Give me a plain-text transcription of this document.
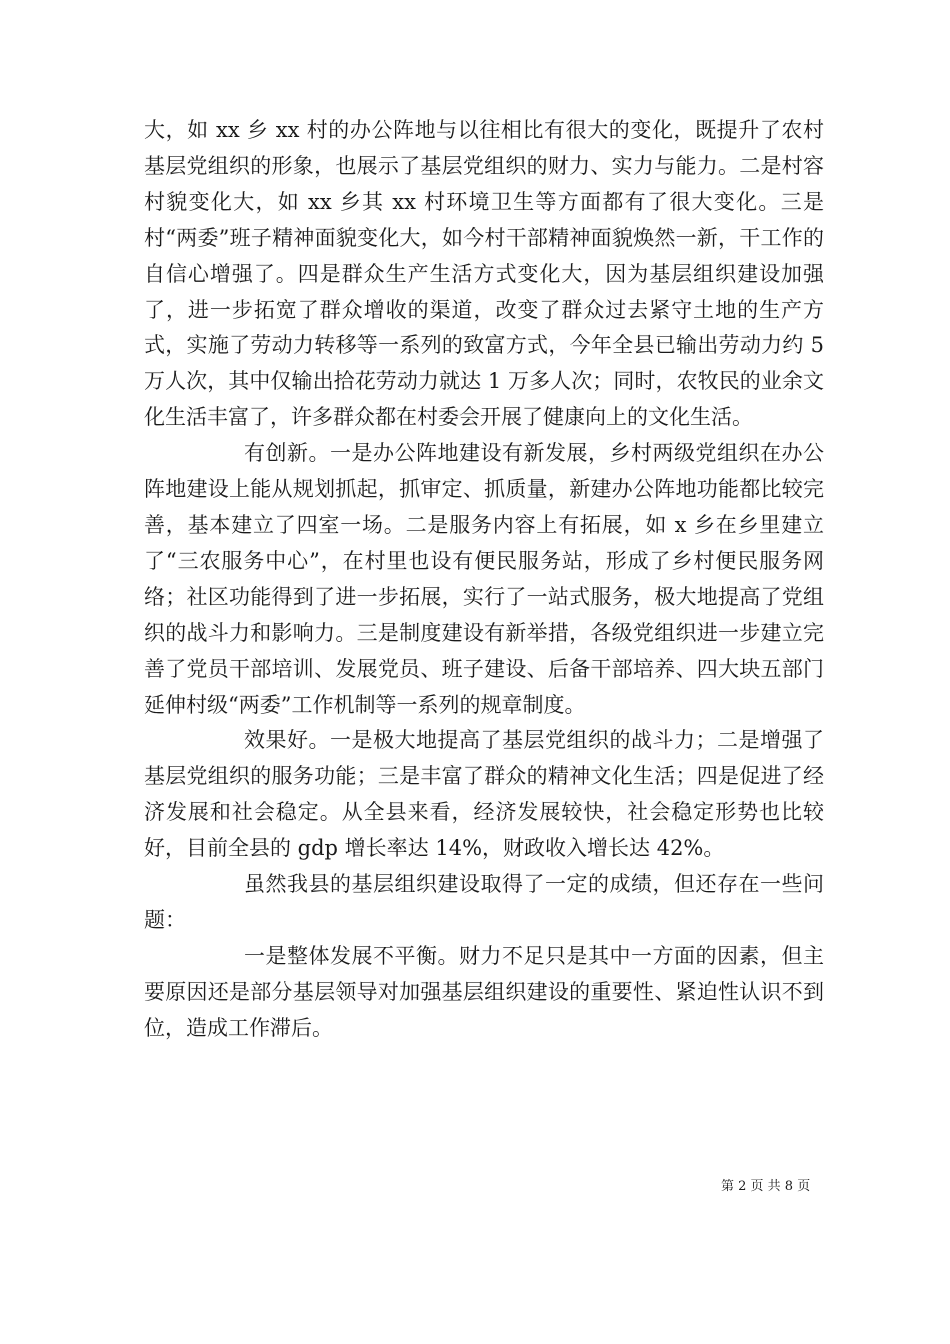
大，如 xx 乡 xx 村的办公阵地与以往相比有很大的变化，既提升了农村基层党组织的形象，也展示了基层党组织的财力、实力与能力。二是村容村貌变化大，如 xx 乡其 xx 村环境卫生等方面都有了很大变化。三是村“两委”班子精神面貌变化大，如今村干部精神面貌焕然一新，干工作的自信心增强了。四是群众生产生活方式变化大，因为基层组织建设加强了，进一步拓宽了群众增收的渠道，改变了群众过去紧守土地的生产方式，实施了劳动力转移等一系列的致富方式，今年全县已输出劳动力约 5 万人次，其中仅输出拾花劳动力就达 1 万多人次；同时，农牧民的业余文化生活丰富了，许多群众都在村委会开展了健康向上的文化生活。

有创新。一是办公阵地建设有新发展，乡村两级党组织在办公阵地建设上能从规划抓起，抓审定、抓质量，新建办公阵地功能都比较完善，基本建立了四室一场。二是服务内容上有拓展，如 x 乡在乡里建立了“三农服务中心”，在村里也设有便民服务站，形成了乡村便民服务网络；社区功能得到了进一步拓展，实行了一站式服务，极大地提高了党组织的战斗力和影响力。三是制度建设有新举措，各级党组织进一步建立完善了党员干部培训、发展党员、班子建设、后备干部培养、四大块五部门延伸村级“两委”工作机制等一系列的规章制度。

效果好。一是极大地提高了基层党组织的战斗力；二是增强了基层党组织的服务功能；三是丰富了群众的精神文化生活；四是促进了经济发展和社会稳定。从全县来看，经济发展较快，社会稳定形势也比较好，目前全县的 gdp 增长率达 14%，财政收入增长达 42%。

虽然我县的基层组织建设取得了一定的成绩，但还存在一些问题：

一是整体发展不平衡。财力不足只是其中一方面的因素，但主要原因还是部分基层领导对加强基层组织建设的重要性、紧迫性认识不到位，造成工作滞后。

第 2 页 共 8 页
